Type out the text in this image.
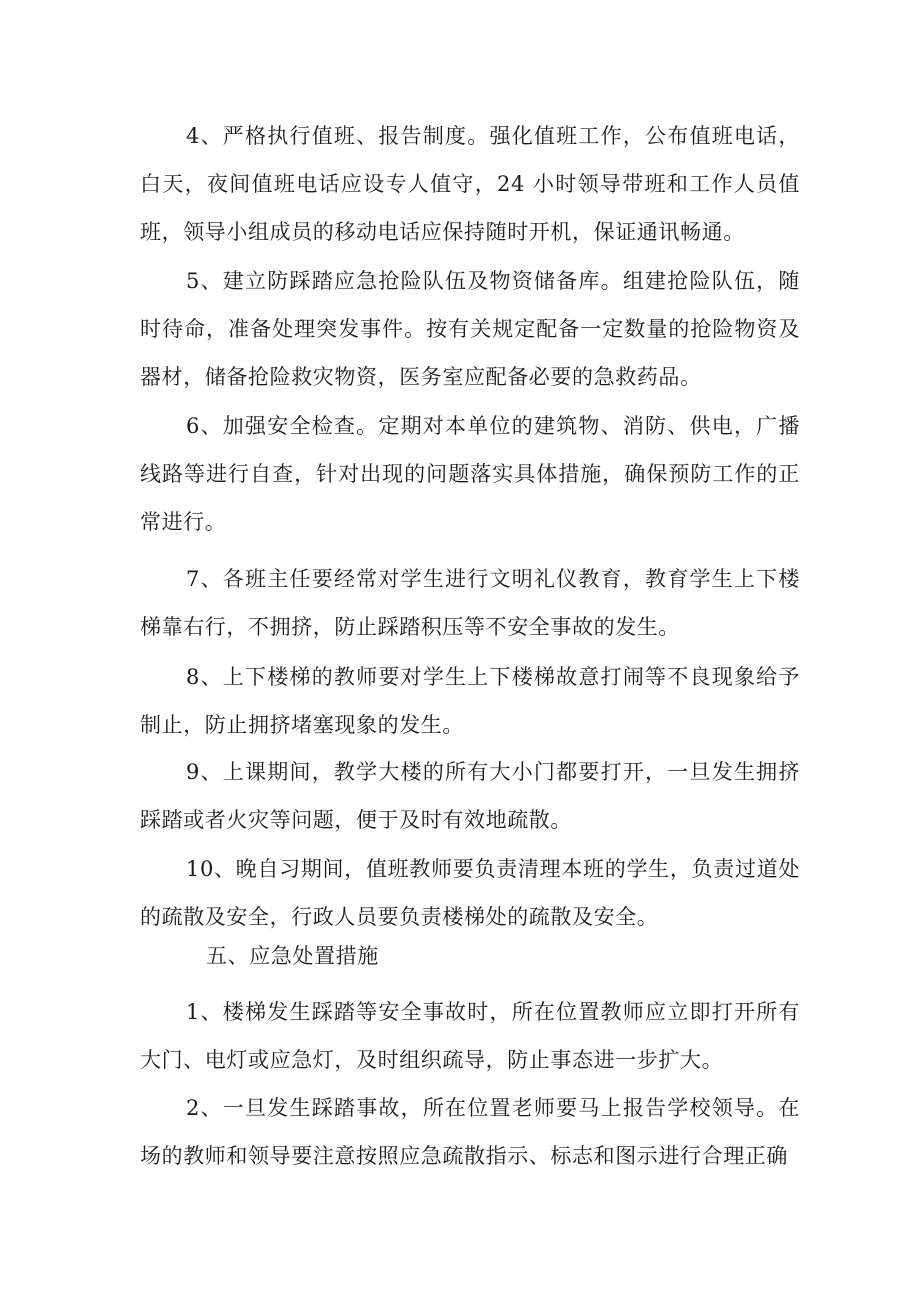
4、严格执行值班、报告制度。强化值班工作，公布值班电话，白天，夜间值班电话应设专人值守，24 小时领导带班和工作人员值班，领导小组成员的移动电话应保持随时开机，保证通讯畅通。

5、建立防踩踏应急抢险队伍及物资储备库。组建抢险队伍，随时待命，准备处理突发事件。按有关规定配备一定数量的抢险物资及器材，储备抢险救灾物资，医务室应配备必要的急救药品。

6、加强安全检查。定期对本单位的建筑物、消防、供电，广播线路等进行自查，针对出现的问题落实具体措施，确保预防工作的正常进行。

7、各班主任要经常对学生进行文明礼仪教育，教育学生上下楼梯靠右行，不拥挤，防止踩踏积压等不安全事故的发生。

8、上下楼梯的教师要对学生上下楼梯故意打闹等不良现象给予制止，防止拥挤堵塞现象的发生。

9、上课期间，教学大楼的所有大小门都要打开，一旦发生拥挤踩踏或者火灾等问题，便于及时有效地疏散。

10、晚自习期间，值班教师要负责清理本班的学生，负责过道处的疏散及安全，行政人员要负责楼梯处的疏散及安全。

五、应急处置措施

1、楼梯发生踩踏等安全事故时，所在位置教师应立即打开所有大门、电灯或应急灯，及时组织疏导，防止事态进一步扩大。

2、一旦发生踩踏事故，所在位置老师要马上报告学校领导。在场的教师和领导要注意按照应急疏散指示、标志和图示进行合理正确
